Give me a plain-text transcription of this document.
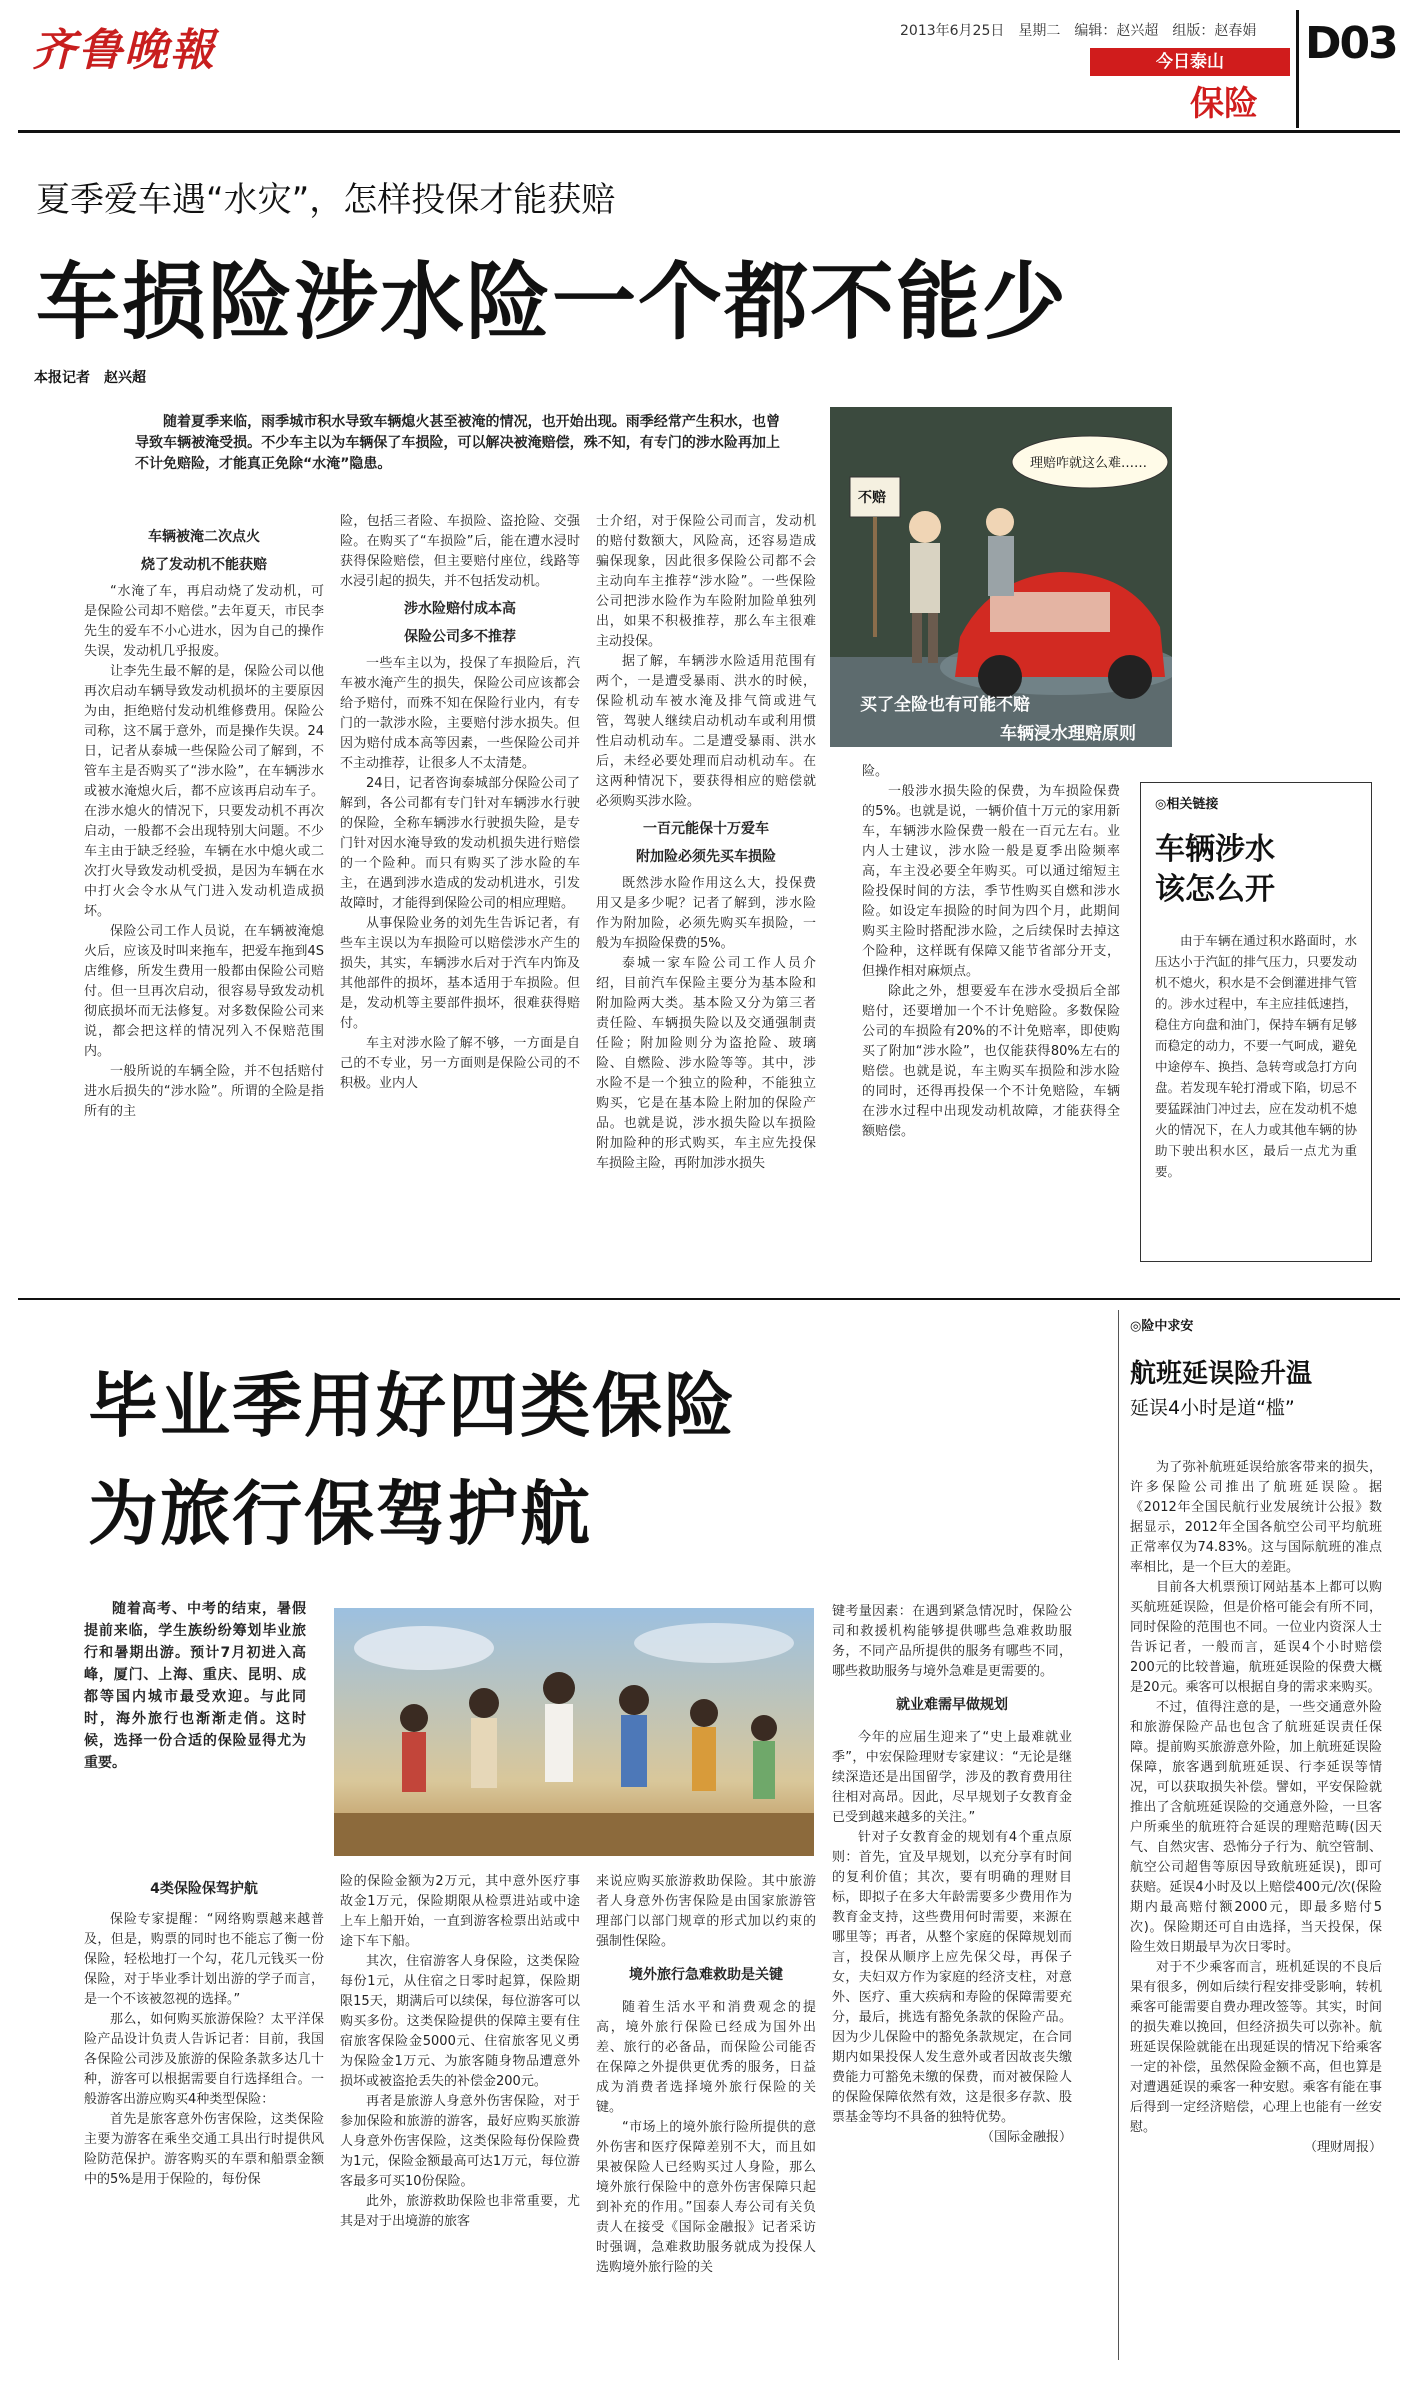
齐鲁晚報	2013年6月25日　星期二　编辑：赵兴超　组版：赵春娟
今日泰山
保险
D03
夏季爱车遇“水灾”，怎样投保才能获赔
车损险涉水险一个都不能少
本报记者　赵兴超
随着夏季来临，雨季城市积水导致车辆熄火甚至被淹的情况，也开始出现。雨季经常产生积水，也曾导致车辆被淹受损。不少车主以为车辆保了车损险，可以解决被淹赔偿，殊不知，有专门的涉水险再加上不计免赔险，才能真正免除“水淹”隐患。
不赔
理赔咋就这么难……
买了全险也有可能不赔
车辆浸水理赔原则
车辆被淹二次点火
烧了发动机不能获赔

“水淹了车，再启动烧了发动机，可是保险公司却不赔偿。”去年夏天，市民李先生的爱车不小心进水，因为自己的操作失误，发动机几乎报废。

让李先生最不解的是，保险公司以他再次启动车辆导致发动机损坏的主要原因为由，拒绝赔付发动机维修费用。保险公司称，这不属于意外，而是操作失误。24日，记者从泰城一些保险公司了解到，不管车主是否购买了“涉水险”，在车辆涉水或被水淹熄火后，都不应该再启动车子。在涉水熄火的情况下，只要发动机不再次启动，一般都不会出现特别大问题。不少车主由于缺乏经验，车辆在水中熄火或二次打火导致发动机受损，是因为车辆在水中打火会令水从气门进入发动机造成损坏。

保险公司工作人员说，在车辆被淹熄火后，应该及时叫来拖车，把爱车拖到4S店维修，所发生费用一般都由保险公司赔付。但一旦再次启动，很容易导致发动机彻底损坏而无法修复。对多数保险公司来说，都会把这样的情况列入不保赔范围内。

一般所说的车辆全险，并不包括赔付进水后损失的“涉水险”。所谓的全险是指所有的主

险，包括三者险、车损险、盗抢险、交强险。在购买了“车损险”后，能在遭水浸时获得保险赔偿，但主要赔付座位，线路等水浸引起的损失，并不包括发动机。

涉水险赔付成本高
保险公司多不推荐

一些车主以为，投保了车损险后，汽车被水淹产生的损失，保险公司应该都会给予赔付，而殊不知在保险行业内，有专门的一款涉水险，主要赔付涉水损失。但因为赔付成本高等因素，一些保险公司并不主动推荐，让很多人不太清楚。

24日，记者咨询泰城部分保险公司了解到，各公司都有专门针对车辆涉水行驶的保险，全称车辆涉水行驶损失险，是专门针对因水淹导致的发动机损失进行赔偿的一个险种。而只有购买了涉水险的车主，在遇到涉水造成的发动机进水，引发故障时，才能得到保险公司的相应理赔。

从事保险业务的刘先生告诉记者，有些车主误以为车损险可以赔偿涉水产生的损失，其实，车辆涉水后对于汽车内饰及其他部件的损坏，基本适用于车损险。但是，发动机等主要部件损坏，很难获得赔付。

车主对涉水险了解不够，一方面是自己的不专业，另一方面则是保险公司的不积极。业内人

士介绍，对于保险公司而言，发动机的赔付数额大，风险高，还容易造成骗保现象，因此很多保险公司都不会主动向车主推荐“涉水险”。一些保险公司把涉水险作为车险附加险单独列出，如果不积极推荐，那么车主很难主动投保。

据了解，车辆涉水险适用范围有两个，一是遭受暴雨、洪水的时候，保险机动车被水淹及排气筒或进气管，驾驶人继续启动机动车或利用惯性启动机动车。二是遭受暴雨、洪水后，未经必要处理而启动机动车。在这两种情况下，要获得相应的赔偿就必须购买涉水险。

一百元能保十万爱车
附加险必须先买车损险

既然涉水险作用这么大，投保费用又是多少呢？记者了解到，涉水险作为附加险，必须先购买车损险，一般为车损险保费的5%。

泰城一家车险公司工作人员介绍，目前汽车保险主要分为基本险和附加险两大类。基本险又分为第三者责任险、车辆损失险以及交通强制责任险；附加险则分为盗抢险、玻璃险、自燃险、涉水险等等。其中，涉水险不是一个独立的险种，不能独立购买，它是在基本险上附加的保险产品。也就是说，涉水损失险以车损险附加险种的形式购买，车主应先投保车损险主险，再附加涉水损失

险。

一般涉水损失险的保费，为车损险保费的5%。也就是说，一辆价值十万元的家用新车，车辆涉水险保费一般在一百元左右。业内人士建议，涉水险一般是夏季出险频率高，车主没必要全年购买。可以通过缩短主险投保时间的方法，季节性购买自燃和涉水险。如设定车损险的时间为四个月，此期间购买主险时搭配涉水险，之后续保时去掉这个险种，这样既有保障又能节省部分开支，但操作相对麻烦点。

除此之外，想要爱车在涉水受损后全部赔付，还要增加一个不计免赔险。多数保险公司的车损险有20%的不计免赔率，即使购买了附加“涉水险”，也仅能获得80%左右的赔偿。也就是说，车主购买车损险和涉水险的同时，还得再投保一个不计免赔险，车辆在涉水过程中出现发动机故障，才能获得全额赔偿。

◎相关链接
车辆涉水
该怎么开
由于车辆在通过积水路面时，水压达小于汽缸的排气压力，只要发动机不熄火，积水是不会倒灌进排气管的。涉水过程中，车主应挂低速挡，稳住方向盘和油门，保持车辆有足够而稳定的动力，不要一气呵成，避免中途停车、换挡、急转弯或急打方向盘。若发现车轮打滑或下陷，切忌不要猛踩油门冲过去，应在发动机不熄火的情况下，在人力或其他车辆的协助下驶出积水区，最后一点尤为重要。
毕业季用好四类保险
为旅行保驾护航
随着高考、中考的结束，暑假提前来临，学生族纷纷筹划毕业旅行和暑期出游。预计7月初进入高峰，厦门、上海、重庆、昆明、成都等国内城市最受欢迎。与此同时，海外旅行也渐渐走俏。这时候，选择一份合适的保险显得尤为重要。
4类保险保驾护航

保险专家提醒：“网络购票越来越普及，但是，购票的同时也不能忘了衡一份保险，轻松地打一个勾，花几元钱买一份保险，对于毕业季计划出游的学子而言，是一个不该被忽视的选择。”

那么，如何购买旅游保险？太平洋保险产品设计负责人告诉记者：目前，我国各保险公司涉及旅游的保险条款多达几十种，游客可以根据需要自行选择组合。一般游客出游应购买4种类型保险：

首先是旅客意外伤害保险，这类保险主要为游客在乘坐交通工具出行时提供风险防范保护。游客购买的车票和船票金额中的5%是用于保险的，每份保

险的保险金额为2万元，其中意外医疗事故金1万元，保险期限从检票进站或中途上车上船开始，一直到游客检票出站或中途下车下船。

其次，住宿游客人身保险，这类保险每份1元，从住宿之日零时起算，保险期限15天，期满后可以续保，每位游客可以购买多份。这类保险提供的保障主要有住宿旅客保险金5000元、住宿旅客见义勇为保险金1万元、为旅客随身物品遭意外损坏或被盗抢丢失的补偿金200元。

再者是旅游人身意外伤害保险，对于参加保险和旅游的游客，最好应购买旅游人身意外伤害保险，这类保险每份保险费为1元，保险金额最高可达1万元，每位游客最多可买10份保险。

此外，旅游救助保险也非常重要，尤其是对于出境游的旅客

来说应购买旅游救助保险。其中旅游者人身意外伤害保险是由国家旅游管理部门以部门规章的形式加以约束的强制性保险。

境外旅行急难救助是关键

随着生活水平和消费观念的提高，境外旅行保险已经成为国外出差、旅行的必备品，而保险公司能否在保障之外提供更优秀的服务，日益成为消费者选择境外旅行保险的关键。

“市场上的境外旅行险所提供的意外伤害和医疗保障差别不大，而且如果被保险人已经购买过人身险，那么境外旅行保险中的意外伤害保障只起到补充的作用。”国泰人寿公司有关负责人在接受《国际金融报》记者采访时强调，急难救助服务就成为投保人选购境外旅行险的关

键考量因素：在遇到紧急情况时，保险公司和救援机构能够提供哪些急难救助服务，不同产品所提供的服务有哪些不同，哪些救助服务与境外急难是更需要的。

就业难需早做规划

今年的应届生迎来了“史上最难就业季”，中宏保险理财专家建议：“无论是继续深造还是出国留学，涉及的教育费用往往相对高昂。因此，尽早规划子女教育金已受到越来越多的关注。”

针对子女教育金的规划有4个重点原则：首先，宜及早规划，以充分享有时间的复利价值；其次，要有明确的理财目标，即拟子在多大年龄需要多少费用作为教育金支持，这些费用何时需要，来源在哪里等；再者，从整个家庭的保障规划而言，投保从顺序上应先保父母，再保子女，夫妇双方作为家庭的经济支柱，对意外、医疗、重大疾病和寿险的保障需要充分，最后，挑选有豁免条款的保险产品。因为少儿保险中的豁免条款规定，在合同期内如果投保人发生意外或者因故丧失缴费能力可豁免未缴的保费，而对被保险人的保险保障依然有效，这是很多存款、股票基金等均不具备的独特优势。

（国际金融报）
◎险中求安
航班延误险升温
延误4小时是道“槛”

为了弥补航班延误给旅客带来的损失，许多保险公司推出了航班延误险。据《2012年全国民航行业发展统计公报》数据显示，2012年全国各航空公司平均航班正常率仅为74.83%。这与国际航班的准点率相比，是一个巨大的差距。

目前各大机票预订网站基本上都可以购买航班延误险，但是价格可能会有所不同，同时保险的范围也不同。一位业内资深人士告诉记者，一般而言，延误4个小时赔偿200元的比较普遍，航班延误险的保费大概是20元。乘客可以根据自身的需求来购买。

不过，值得注意的是，一些交通意外险和旅游保险产品也包含了航班延误责任保障。提前购买旅游意外险，加上航班延误险保障，旅客遇到航班延误、行李延误等情况，可以获取损失补偿。譬如，平安保险就推出了含航班延误险的交通意外险，一旦客户所乘坐的航班符合延误的理赔范畴(因天气、自然灾害、恐怖分子行为、航空管制、航空公司超售等原因导致航班延误)，即可获赔。延误4小时及以上赔偿400元/次(保险期内最高赔付额2000元，即最多赔付5次)。保险期还可自由选择，当天投保，保险生效日期最早为次日零时。

对于不少乘客而言，班机延误的不良后果有很多，例如后续行程安排受影响，转机乘客可能需要自费办理改签等。其实，时间的损失难以挽回，但经济损失可以弥补。航班延误保险就能在出现延误的情况下给乘客一定的补偿，虽然保险金额不高，但也算是对遭遇延误的乘客一种安慰。乘客有能在事后得到一定经济赔偿，心理上也能有一丝安慰。

（理财周报）
